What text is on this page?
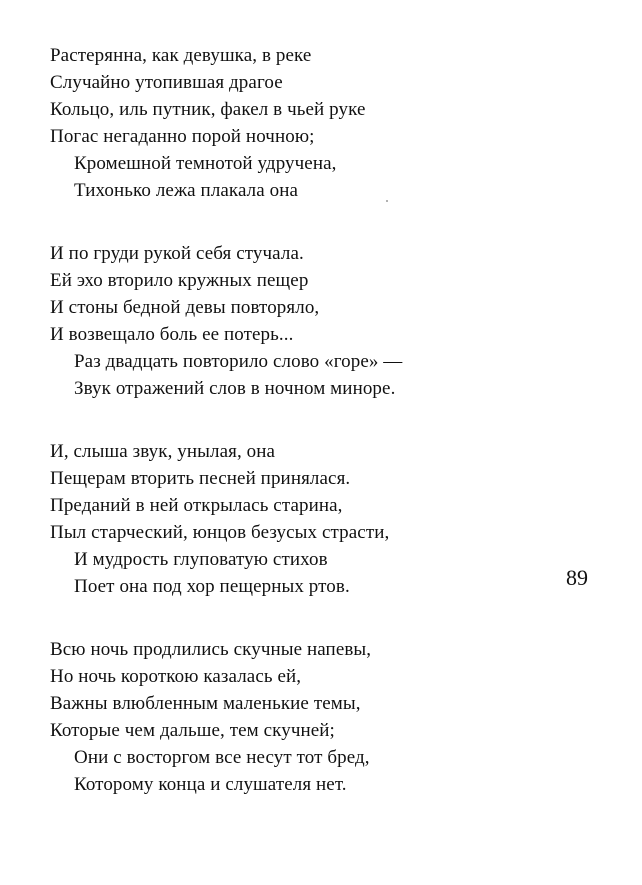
Растерянна, как девушка, в реке
Случайно утопившая драгое
Кольцо, иль путник, факел в чьей руке
Погас негаданно порой ночною;
Кромешной темнотой удручена,
Тихонько лежа плакала она
И по груди рукой себя стучала.
Ей эхо вторило кружных пещер
И стоны бедной девы повторяло,
И возвещало боль ее потерь...
Раз двадцать повторило слово «горе» —
Звук отражений слов в ночном миноре.
И, слыша звук, унылая, она
Пещерам вторить песней принялася.
Преданий в ней открылась старина,
Пыл старческий, юнцов безусых страсти,
И мудрость глуповатую стихов
Поет она под хор пещерных ртов.
Всю ночь продлились скучные напевы,
Но ночь короткою казалась ей,
Важны влюбленным маленькие темы,
Которые чем дальше, тем скучней;
Они с восторгом все несут тот бред,
Которому конца и слушателя нет.
89
